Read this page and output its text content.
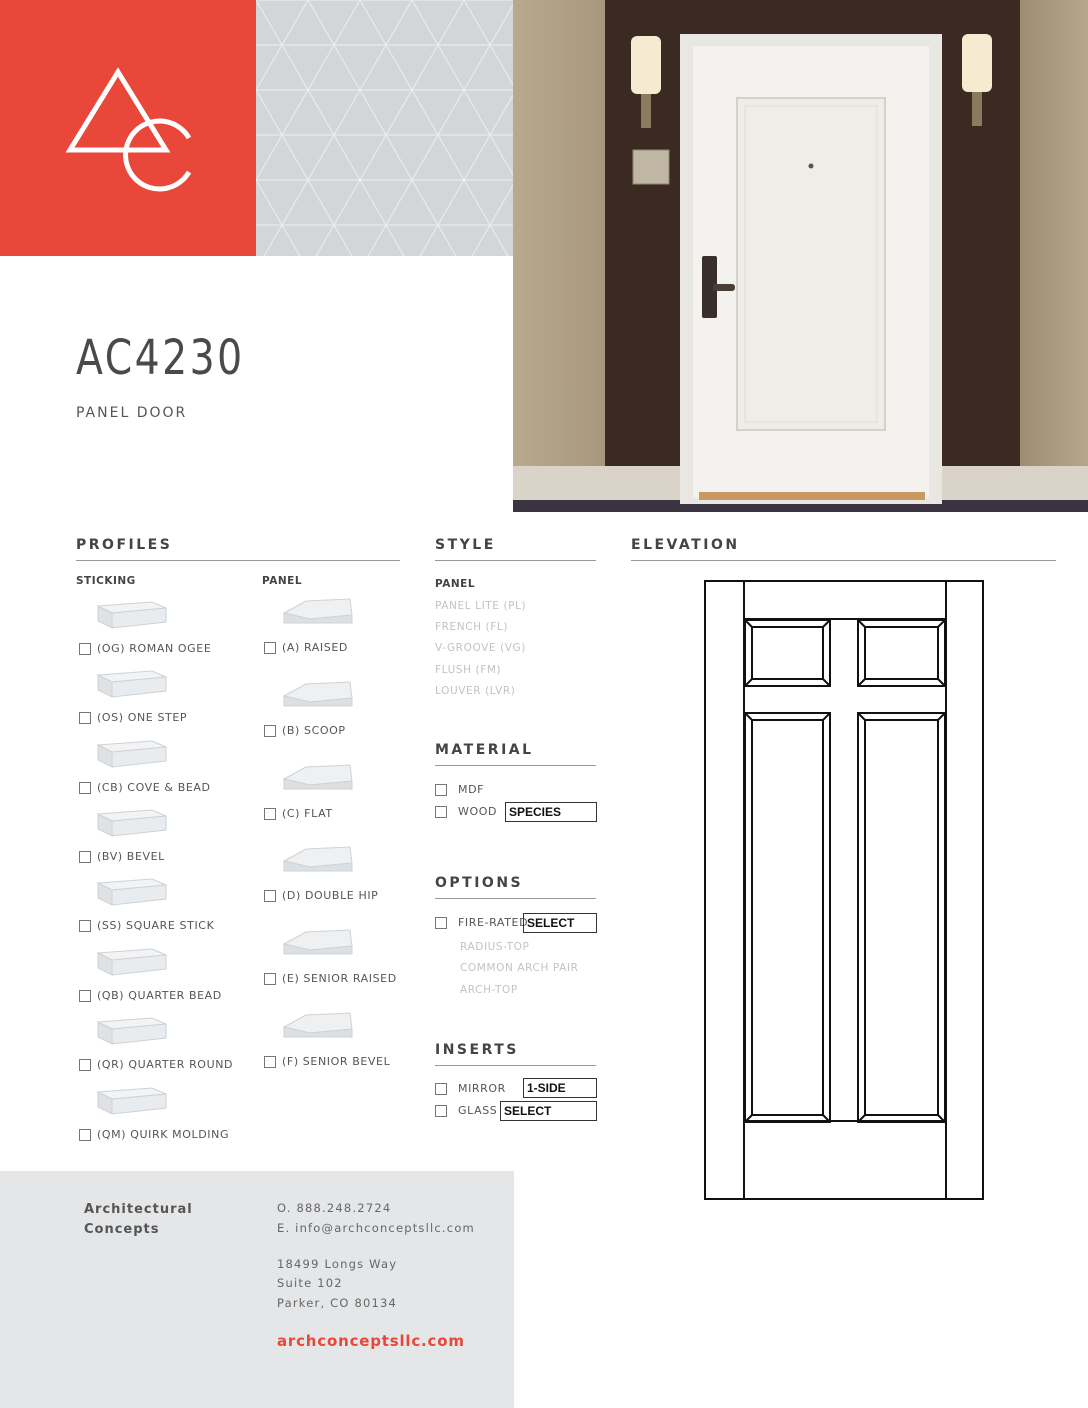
AC4230
PANEL DOOR
PROFILES
STICKING	PANEL
(OG) ROMAN OGEE
(OS) ONE STEP
(CB) COVE & BEAD
(BV) BEVEL
(SS) SQUARE STICK
(QB) QUARTER BEAD
(QR) QUARTER ROUND
(QM) QUIRK MOLDING
(A) RAISED
(B) SCOOP
(C) FLAT
(D) DOUBLE HIP
(E) SENIOR RAISED
(F) SENIOR BEVEL
STYLE
PANEL
PANEL LITE (PL)
FRENCH (FL)
V-GROOVE (VG)
FLUSH (FM)
LOUVER (LVR)
MATERIAL
MDF
WOOD SPECIES
OPTIONS
FIRE-RATED
SELECT
RADIUS-TOP
COMMON ARCH PAIR
ARCH-TOP
INSERTS
MIRROR	1-SIDE
GLASS SELECT
ELEVATION
Architectural
Concepts
O. 888.248.2724
E. info@archconceptsllc.com
18499 Longs Way
Suite 102
Parker, CO 80134
archconceptsllc.com
